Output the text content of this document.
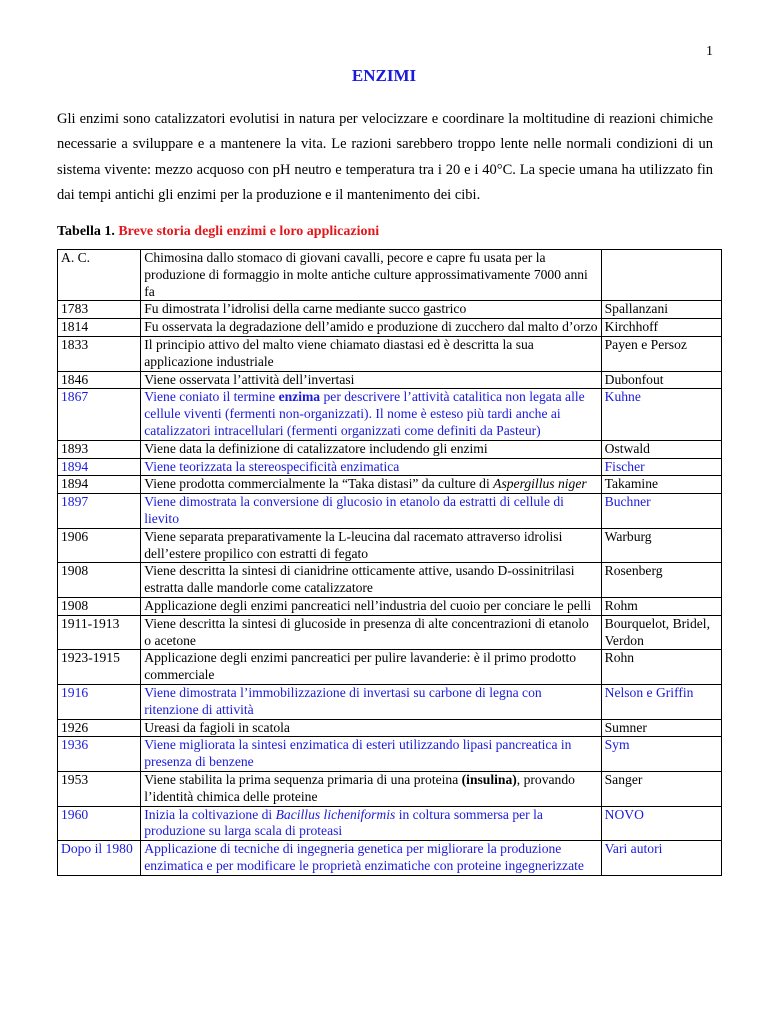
1
ENZIMI

Gli enzimi sono catalizzatori evolutisi in natura per velocizzare e coordinare la moltitudine di reazioni chimiche necessarie a sviluppare e a mantenere la vita. Le razioni sarebbero troppo lente nelle normali condizioni di un sistema vivente: mezzo acquoso con pH neutro e temperatura tra i 20 e i 40°C. La specie umana ha utilizzato fin dai tempi antichi gli enzimi per la produzione e il mantenimento dei cibi.

Tabella 1. Breve storia degli enzimi e loro applicazioni
A. C.	Chimosina dallo stomaco di giovani cavalli, pecore e capre fu usata per la produzione di formaggio in molte antiche culture approssimativamente 7000 anni fa	
1783	Fu dimostrata l’idrolisi della carne mediante succo gastrico	Spallanzani
1814	Fu osservata la degradazione dell’amido e produzione di zucchero dal malto d’orzo	Kirchhoff
1833	Il principio attivo del malto viene chiamato diastasi ed è descritta la sua applicazione industriale	Payen e Persoz
1846	Viene osservata l’attività dell’invertasi	Dubonfout
1867	Viene coniato il termine enzima per descrivere l’attività catalitica non legata alle cellule viventi (fermenti non-organizzati). Il nome è esteso più tardi anche ai catalizzatori intracellulari (fermenti organizzati come definiti da Pasteur)	Kuhne
1893	Viene data la definizione di catalizzatore includendo gli enzimi	Ostwald
1894	Viene teorizzata la stereospecificità enzimatica	Fischer
1894	Viene prodotta commercialmente la “Taka distasi” da culture di Aspergillus niger	Takamine
1897	Viene dimostrata la conversione di glucosio in etanolo da estratti di cellule di lievito	Buchner
1906	Viene separata preparativamente la L-leucina dal racemato attraverso idrolisi dell’estere propilico con estratti di fegato	Warburg
1908	Viene descritta la sintesi di cianidrine otticamente attive, usando D-ossinitrilasi estratta dalle mandorle come catalizzatore	Rosenberg
1908	Applicazione degli enzimi pancreatici nell’industria del cuoio per conciare le pelli	Rohm
1911-1913	Viene descritta la sintesi di glucoside in presenza di alte concentrazioni di etanolo o acetone	Bourquelot, Bridel, Verdon
1923-1915	Applicazione degli enzimi pancreatici per pulire lavanderie: è il primo prodotto commerciale	Rohn
1916	Viene dimostrata l’immobilizzazione di invertasi su carbone di legna con ritenzione di attività	Nelson e Griffin
1926	Ureasi da fagioli in scatola	Sumner
1936	Viene migliorata la sintesi enzimatica di esteri utilizzando lipasi pancreatica in presenza di benzene	Sym
1953	Viene stabilita la prima sequenza primaria di una proteina (insulina), provando l’identità chimica delle proteine	Sanger
1960	Inizia la coltivazione di Bacillus licheniformis in coltura sommersa per la produzione su larga scala di proteasi	NOVO
Dopo il 1980	Applicazione di tecniche di ingegneria genetica per migliorare la produzione enzimatica e per modificare le proprietà enzimatiche con proteine ingegnerizzate	Vari autori
